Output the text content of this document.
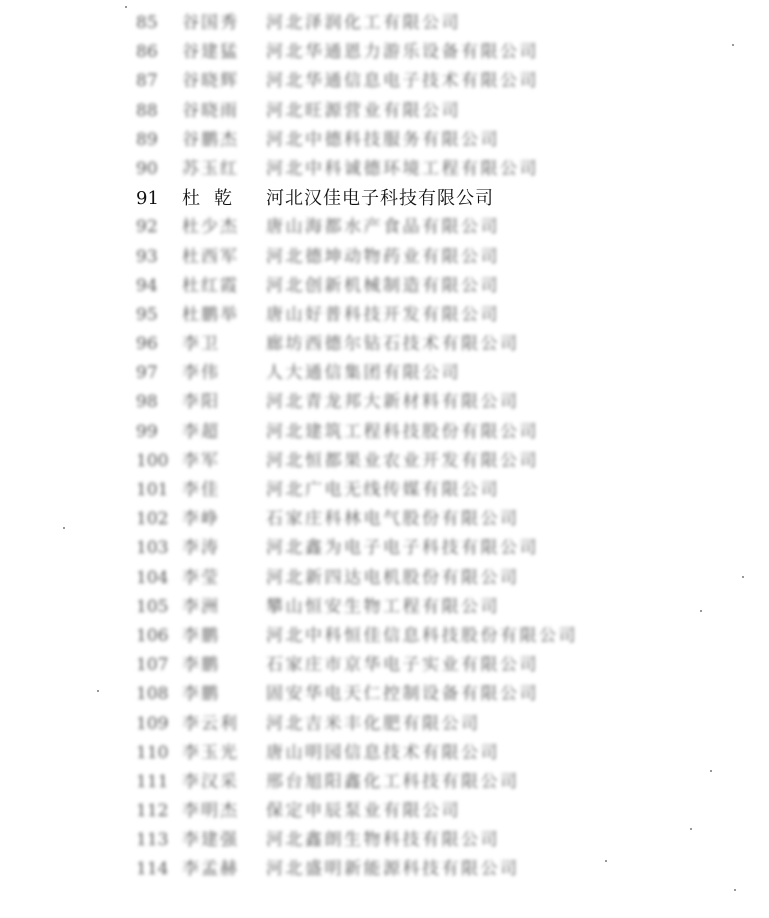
85	谷国秀	河北泽润化工有限公司
86	谷建猛	河北华通恩力游乐设备有限公司
87	谷晓辉	河北华通信息电子技术有限公司
88	谷晓雨	河北旺源营业有限公司
89	谷鹏杰	河北中德科技服务有限公司
90	苏玉红	河北中科诚德环境工程有限公司
91	杜乾	河北汉佳电子科技有限公司
92	杜少杰	唐山海都水产食品有限公司
93	杜西军	河北德坤动物药业有限公司
94	杜红霞	河北创新机械制造有限公司
95	杜鹏举	唐山好普科技开发有限公司
96	李卫	廊坊西德尔钻石技术有限公司
97	李伟	人大通信集团有限公司
98	李阳	河北青龙邦大新材料有限公司
99	李超	河北建筑工程科技股份有限公司
100 李军	河北恒都果业农业开发有限公司
101 李佳	河北广电无线传媒有限公司
102 李峥	石家庄科林电气股份有限公司
103 李涛	河北鑫为电子电子科技有限公司
104 李莹	河北新四达电机股份有限公司
105 李洲	攀山恒安生物工程有限公司
106 李鹏	河北中科恒佳信息科技股份有限公司
107 李鹏	石家庄市京华电子实业有限公司
108 李鹏	固安华电天仁控制设备有限公司
109 李云利	河北吉米丰化肥有限公司
110 李玉光	唐山明园信息技术有限公司
111 李汉采	邢台旭阳鑫化工科技有限公司
112 李明杰	保定申辰泵业有限公司
113 李建强	河北鑫朗生物科技有限公司
114 李孟赫	河北盛明新能源科技有限公司
